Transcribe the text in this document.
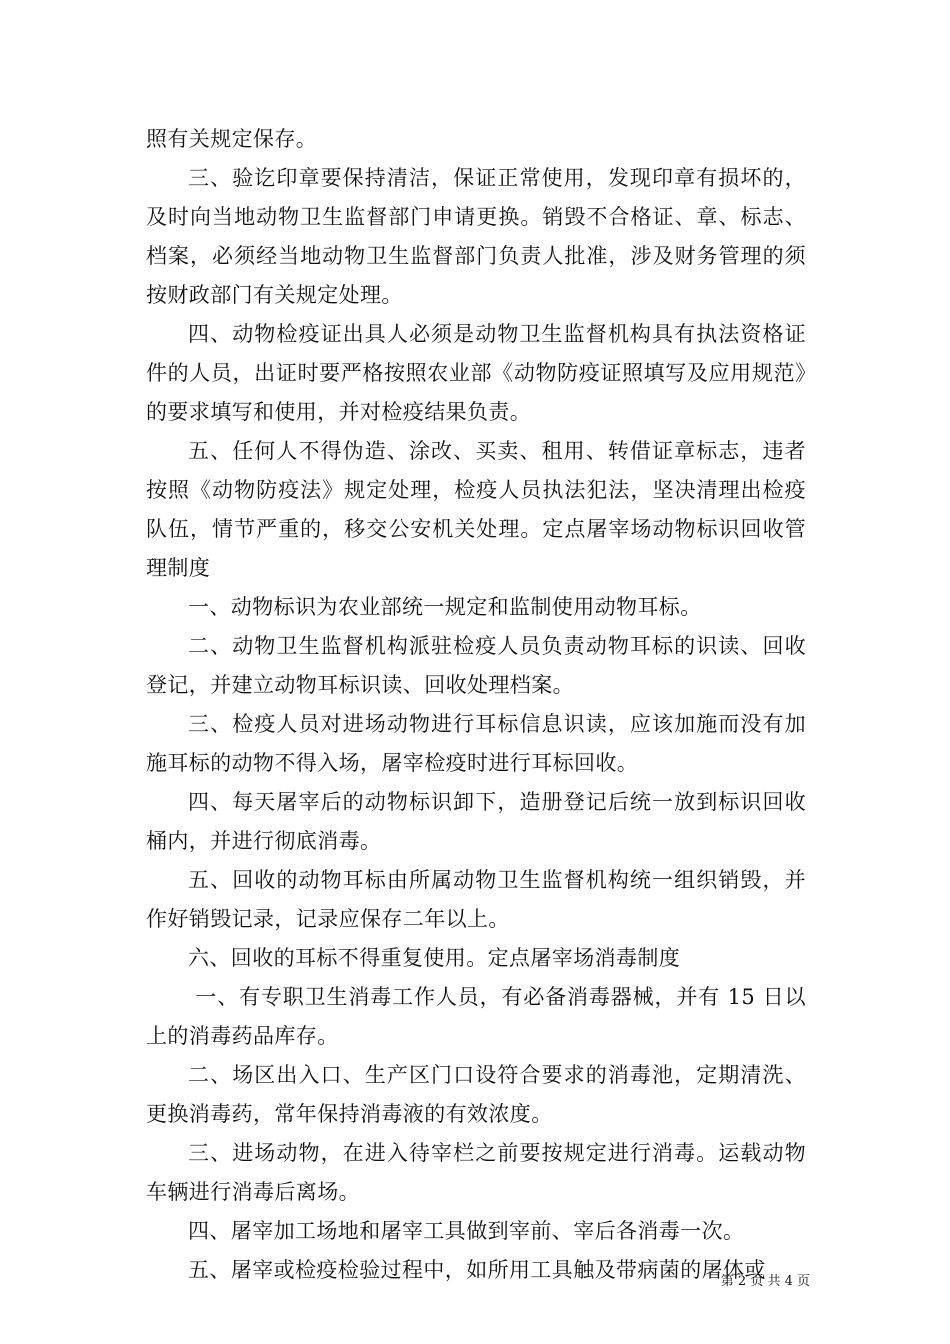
照有关规定保存。

三、验讫印章要保持清洁，保证正常使用，发现印章有损坏的，及时向当地动物卫生监督部门申请更换。销毁不合格证、章、标志、档案，必须经当地动物卫生监督部门负责人批准，涉及财务管理的须按财政部门有关规定处理。

四、动物检疫证出具人必须是动物卫生监督机构具有执法资格证件的人员，出证时要严格按照农业部《动物防疫证照填写及应用规范》的要求填写和使用，并对检疫结果负责。

五、任何人不得伪造、涂改、买卖、租用、转借证章标志，违者按照《动物防疫法》规定处理，检疫人员执法犯法，坚决清理出检疫队伍，情节严重的，移交公安机关处理。定点屠宰场动物标识回收管理制度

一、动物标识为农业部统一规定和监制使用动物耳标。

二、动物卫生监督机构派驻检疫人员负责动物耳标的识读、回收登记，并建立动物耳标识读、回收处理档案。

三、检疫人员对进场动物进行耳标信息识读，应该加施而没有加施耳标的动物不得入场，屠宰检疫时进行耳标回收。

四、每天屠宰后的动物标识卸下，造册登记后统一放到标识回收桶内，并进行彻底消毒。

五、回收的动物耳标由所属动物卫生监督机构统一组织销毁，并作好销毁记录，记录应保存二年以上。

六、回收的耳标不得重复使用。定点屠宰场消毒制度

一、有专职卫生消毒工作人员，有必备消毒器械，并有 15 日以上的消毒药品库存。

二、场区出入口、生产区门口设符合要求的消毒池，定期清洗、更换消毒药，常年保持消毒液的有效浓度。

三、进场动物，在进入待宰栏之前要按规定进行消毒。运载动物车辆进行消毒后离场。

四、屠宰加工场地和屠宰工具做到宰前、宰后各消毒一次。

五、屠宰或检疫检验过程中，如所用工具触及带病菌的屠体或

第 2 页 共 4 页
